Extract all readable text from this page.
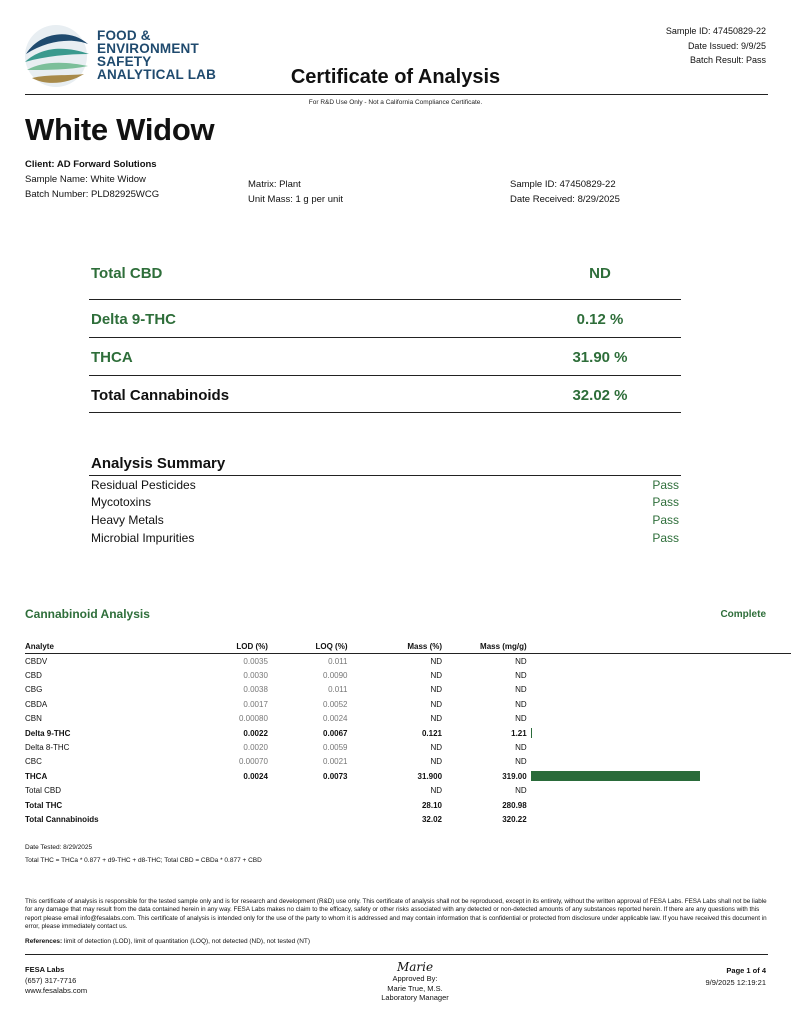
FOOD &
ENVIRONMENT
SAFETY
ANALYTICAL LAB
Sample ID: 47450829-22
Date Issued: 9/9/25
Batch Result: Pass
Certificate of Analysis
For R&D Use Only - Not a California Compliance Certificate.
White Widow
Client: AD Forward Solutions
Sample Name: White Widow
Batch Number: PLD82925WCG
Matrix: Plant
Unit Mass: 1 g per unit
Sample ID: 47450829-22
Date Received: 8/29/2025
Total CBD	ND
Delta 9-THC	0.12 %
THCA	31.90 %
Total Cannabinoids	32.02 %
Analysis Summary
Residual Pesticides	Pass
Mycotoxins	Pass
Heavy Metals	Pass
Microbial Impurities	Pass
Cannabinoid Analysis	Complete
Analyte	LOD (%)	LOQ (%)	Mass (%)	Mass (mg/g)	
CBDV	0.0035	0.011	ND	ND	
CBD	0.0030	0.0090	ND	ND	
CBG	0.0038	0.011	ND	ND	
CBDA	0.0017	0.0052	ND	ND	
CBN	0.00080	0.0024	ND	ND	
Delta 9-THC	0.0022	0.0067	0.121	1.21	

Delta 8-THC	0.0020	0.0059	ND	ND	
CBC	0.00070	0.0021	ND	ND	
THCA	0.0024	0.0073	31.900	319.00	

Total CBD			ND	ND	
Total THC			28.10	280.98	
Total Cannabinoids			32.02	320.22	
Date Tested: 8/29/2025
Total THC = THCa * 0.877 + d9-THC + d8-THC; Total CBD = CBDa * 0.877 + CBD
This certificate of analysis is responsible for the tested sample only and is for research and development (R&D) use only. This certificate of analysis shall not be reproduced, except in its entirety, without the written approval of FESA Labs. FESA Labs shall not be liable for any damage that may result from the data contained herein in any way. FESA Labs makes no claim to the efficacy, safety or other risks associated with any detected or non-detected amounts of any substances reported herein. If there are any questions with this report please email info@fesalabs.com. This certificate of analysis is intended only for the use of the party to whom it is addressed and may contain information that is confidential or protected from disclosure under applicable law. If you have received this document in error, please immediately contact us.
References: limit of detection (LOD), limit of quantitation (LOQ), not detected (ND), not tested (NT)
FESA Labs
(657) 317-7716
www.fesalabs.com
Marie
Approved By:
Marie True, M.S.
Laboratory Manager
Page 1 of 4
9/9/2025 12:19:21
